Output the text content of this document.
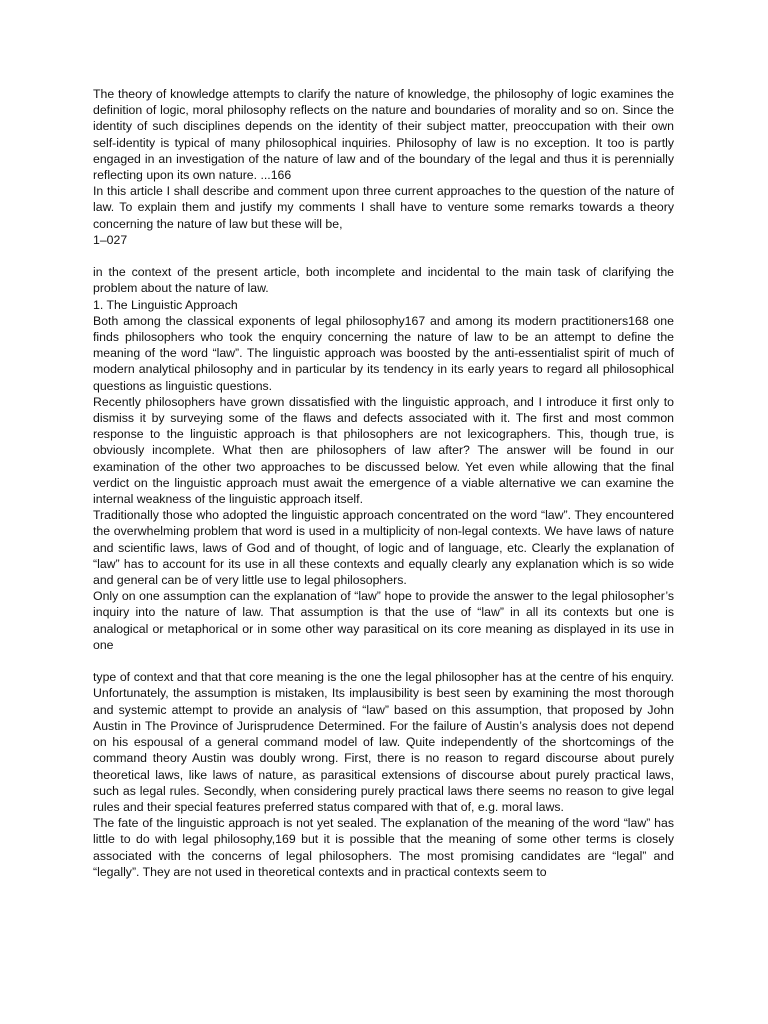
The theory of knowledge attempts to clarify the nature of knowledge, the philosophy of logic examines the definition of logic, moral philosophy reflects on the nature and boundaries of morality and so on. Since the identity of such disciplines depends on the identity of their subject matter, preoccupation with their own self-identity is typical of many philosophical inquiries. Philosophy of law is no exception. It too is partly engaged in an investigation of the nature of law and of the boundary of the legal and thus it is perennially reflecting upon its own nature. ...166

In this article I shall describe and comment upon three current approaches to the question of the nature of law. To explain them and justify my comments I shall have to venture some remarks towards a theory concerning the nature of law but these will be,

1–027

in the context of the present article, both incomplete and incidental to the main task of clarifying the problem about the nature of law.

1. The Linguistic Approach

Both among the classical exponents of legal philosophy167 and among its modern practitioners168 one finds philosophers who took the enquiry concerning the nature of law to be an attempt to define the meaning of the word “law”. The linguistic approach was boosted by the anti-essentialist spirit of much of modern analytical philosophy and in particular by its tendency in its early years to regard all philosophical questions as linguistic questions.

Recently philosophers have grown dissatisfied with the linguistic approach, and I introduce it first only to dismiss it by surveying some of the flaws and defects associated with it. The first and most common response to the linguistic approach is that philosophers are not lexicographers. This, though true, is obviously incomplete. What then are philosophers of law after? The answer will be found in our examination of the other two approaches to be discussed below. Yet even while allowing that the final verdict on the linguistic approach must await the emergence of a viable alternative we can examine the internal weakness of the linguistic approach itself.

Traditionally those who adopted the linguistic approach concentrated on the word “law”. They encountered the overwhelming problem that word is used in a multiplicity of non-legal contexts. We have laws of nature and scientific laws, laws of God and of thought, of logic and of language, etc. Clearly the explanation of “law” has to account for its use in all these contexts and equally clearly any explanation which is so wide and general can be of very little use to legal philosophers.

Only on one assumption can the explanation of “law” hope to provide the answer to the legal philosopher’s inquiry into the nature of law. That assumption is that the use of “law” in all its contexts but one is analogical or metaphorical or in some other way parasitical on its core meaning as displayed in its use in one

type of context and that that core meaning is the one the legal philosopher has at the centre of his enquiry. Unfortunately, the assumption is mistaken, Its implausibility is best seen by examining the most thorough and systemic attempt to provide an analysis of “law” based on this assumption, that proposed by John Austin in The Province of Jurisprudence Determined. For the failure of Austin’s analysis does not depend on his espousal of a general command model of law. Quite independently of the shortcomings of the command theory Austin was doubly wrong. First, there is no reason to regard discourse about purely theoretical laws, like laws of nature, as parasitical extensions of discourse about purely practical laws, such as legal rules. Secondly, when considering purely practical laws there seems no reason to give legal rules and their special features preferred status compared with that of, e.g. moral laws.

The fate of the linguistic approach is not yet sealed. The explanation of the meaning of the word “law” has little to do with legal philosophy,169 but it is possible that the meaning of some other terms is closely associated with the concerns of legal philosophers. The most promising candidates are “legal” and “legally”. They are not used in theoretical contexts and in practical contexts seem to
